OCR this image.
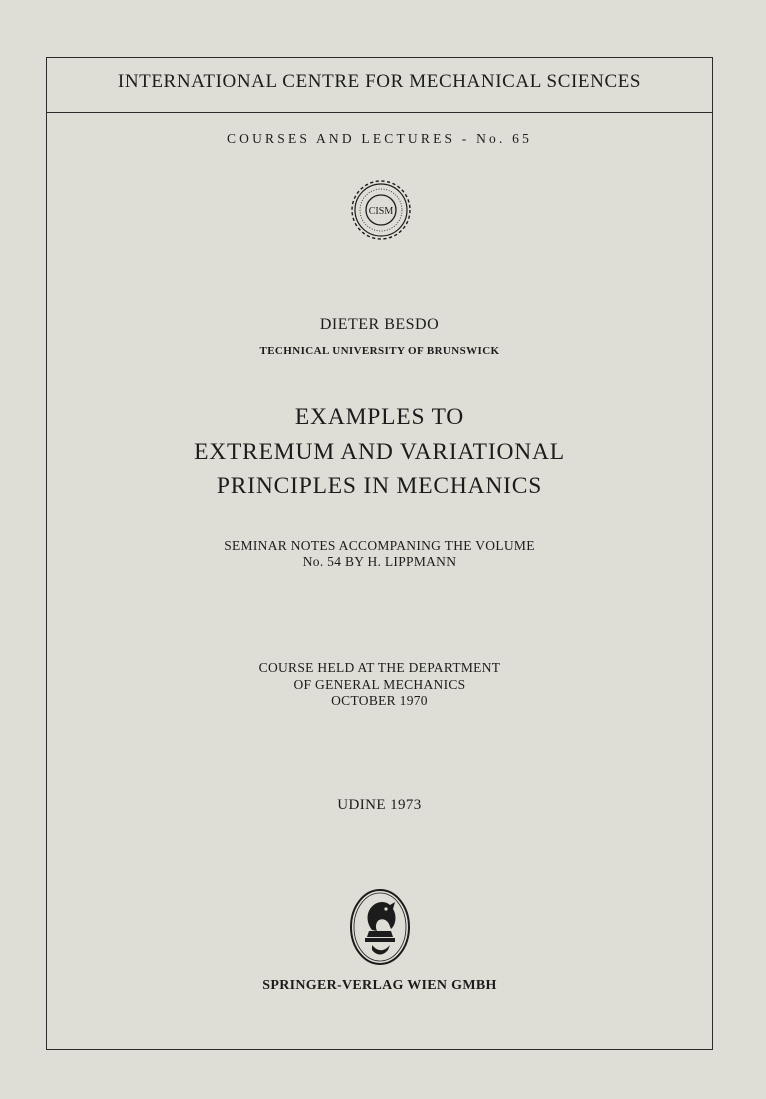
INTERNATIONAL CENTRE FOR MECHANICAL SCIENCES
COURSES AND LECTURES - No. 65
CISM
DIETER BESDO
TECHNICAL UNIVERSITY OF BRUNSWICK
EXAMPLES TO
EXTREMUM AND VARIATIONAL
PRINCIPLES IN MECHANICS
SEMINAR NOTES ACCOMPANING THE VOLUME
No. 54 BY H. LIPPMANN
COURSE HELD AT THE DEPARTMENT
OF GENERAL MECHANICS
OCTOBER 1970
UDINE 1973
SPRINGER-VERLAG WIEN GMBH
